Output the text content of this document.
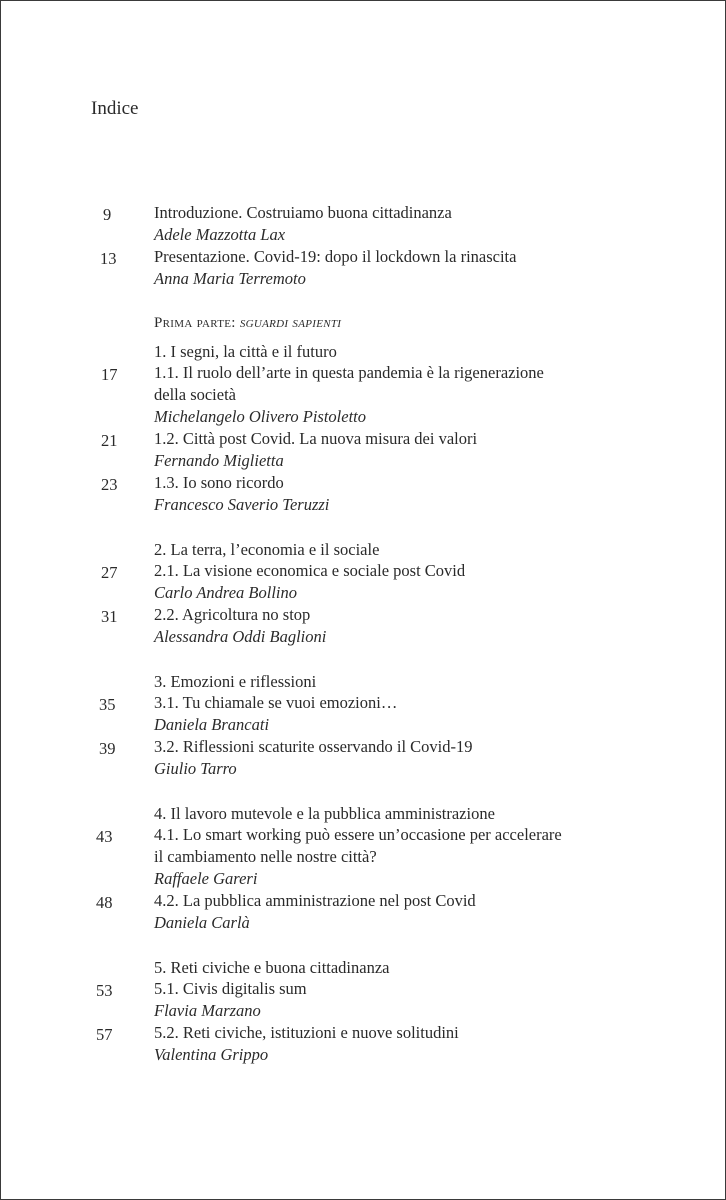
Indice
9	Introduzione. Costruiamo buona cittadinanza
Adele Mazzotta Lax
13 Presentazione. Covid-19: dopo il lockdown la rinascita
Anna Maria Terremoto
Prima parte: sguardi sapienti
1. I segni, la città e il futuro
17 1.1. Il ruolo dell’arte in questa pandemia è la rigenerazione
della società
Michelangelo Olivero Pistoletto
21 1.2. Città post Covid. La nuova misura dei valori
Fernando Miglietta
23 1.3. Io sono ricordo
Francesco Saverio Teruzzi
2. La terra, l’economia e il sociale
27 2.1. La visione economica e sociale post Covid
Carlo Andrea Bollino
31 2.2. Agricoltura no stop
Alessandra Oddi Baglioni
3. Emozioni e riflessioni
35 3.1. Tu chiamale se vuoi emozioni…
Daniela Brancati
39 3.2. Riflessioni scaturite osservando il Covid-19
Giulio Tarro
4. Il lavoro mutevole e la pubblica amministrazione
43	4.1. Lo smart working può essere un’occasione per accelerare
il cambiamento nelle nostre città?
Raffaele Gareri
48	4.2. La pubblica amministrazione nel post Covid
Daniela Carlà
5. Reti civiche e buona cittadinanza
53	5.1. Civis digitalis sum
Flavia Marzano
57	5.2. Reti civiche, istituzioni e nuove solitudini
Valentina Grippo
